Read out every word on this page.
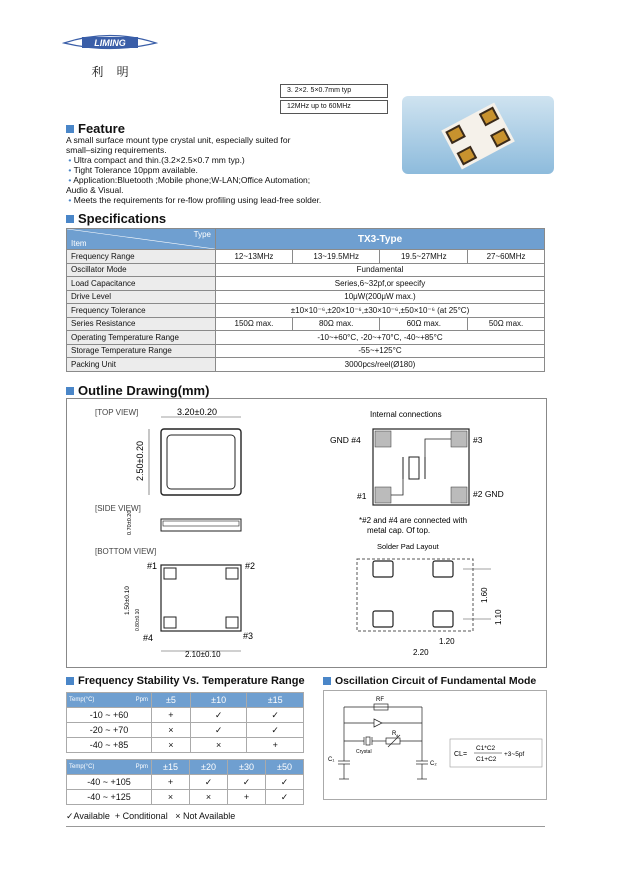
LIMING
利    明
3. 2×2. 5×0.7mm typ
12MHz up to 60MHz
Feature
A small surface mount type crystal unit, especially suited for
small–sizing requirements.
• Ultra compact and thin.(3.2×2.5×0.7 mm typ.)
• Tight Tolerance 10ppm available.
• Application:Bluetooth ;Mobile phone;W-LAN;Office Automation;
Audio & Visual.
• Meets the requirements for re-flow profiling using lead-free solder.
Specifications
Type
Item	TX3-Type			
Frequency Range	12~13MHz	13~19.5MHz	19.5~27MHz	27~60MHz
Oscillator Mode	Fundamental			
Load Capacitance	Series,6~32pf,or speecify			
Drive Level	10μW(200μW max.)			
Frequency Tolerance	±10×10⁻⁶,±20×10⁻⁶,±30×10⁻⁶,±50×10⁻⁶ (at 25°C)			
Series Resistance	150Ω max.	80Ω max.	60Ω max.	50Ω max.
Operating Temperature Range	-10~+60°C, -20~+70°C, -40~+85°C			
Storage Temperature Range	-55~+125°C			
Packing Unit	3000pcs/reel(Ø180)			
Outline Drawing(mm)
[TOP VIEW]	3.20±0.20
2.50±0.20
[SIDE VIEW]
0.70±0.20
[BOTTOM VIEW]
#1	#2
#4	#3
1.50±0.10
0.80±0.10
2.10±0.10
Internal connections
GND #4	#3
#1	#2 GND
*#2 and #4 are connected with
metal cap. Of top.
Solder Pad Layout
1.60
1.10
1.20
2.20
Frequency Stability Vs. Temperature Range
Temp(°C) Ppm	±5	±10	±15
-10 ~ +60	+	✓	✓
-20 ~ +70	×	✓	✓
-40 ~ +85	×	×	+
Temp(°C) Ppm	±15	±20	±30	±50
-40 ~ +105	+	✓	✓	✓
-40 ~ +125	×	×	+	✓
✓Available  + Conditional   × Not Available
Oscillation Circuit of Fundamental Mode
RF
Crystal
R d
C₁
C₂
CL=
C1*C2
C1+C2
+3~5pf
